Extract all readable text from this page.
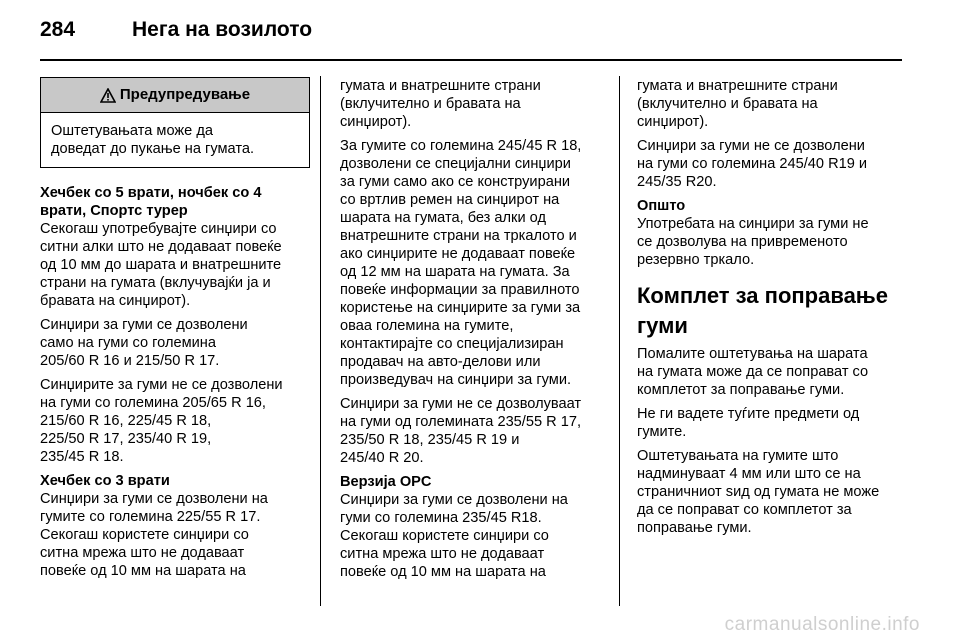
284	Нега на возилото
Предупредување
Оштетувањата може да
доведат до пукање на гумата.
Хечбек со 5 врати, ночбек со 4
врати, Спортс турер

Секогаш употребувајте синџири со
ситни алки што не додаваат повеќе
од 10 мм до шарата и внатрешните
страни на гумата (вклучувајќи ја и
бравата на синџирот).

Синџири за гуми се дозволени
само на гуми со големина
205/60 R 16 и 215/50 R 17.

Синџирите за гуми не се дозволени
на гуми со големина 205/65 R 16,
215/60 R 16, 225/45 R 18,
225/50 R 17, 235/40 R 19,
235/45 R 18.

Хечбек со 3 врати

Синџири за гуми се дозволени на
гумите со големина 225/55 R 17.
Секогаш користете синџири со
ситна мрежа што не додаваат
повеќе од 10 мм на шарата на

гумата и внатрешните страни
(вклучително и бравата на
синџирот).

За гумите со големина 245/45 R 18,
дозволени се специјални синџири
за гуми само ако се конструирани
со вртлив ремен на синџирот на
шарата на гумата, без алки од
внатрешните страни на тркалото и
ако синџирите не додаваат повеќе
од 12 мм на шарата на гумата. За
повеќе информации за правилното
користење на синџирите за гуми за
оваа големина на гумите,
контактирајте со специјализиран
продавач на авто-делови или
произведувач на синџири за гуми.

Синџири за гуми не се дозволуваат
на гуми од големината 235/55 R 17,
235/50 R 18, 235/45 R 19 и
245/40 R 20.

Верзија OPC

Синџири за гуми се дозволени на
гуми со големина 235/45 R18.
Секогаш користете синџири со
ситна мрежа што не додаваат
повеќе од 10 мм на шарата на

гумата и внатрешните страни
(вклучително и бравата на
синџирот).

Синџири за гуми не се дозволени
на гуми со големина 245/40 R19 и
245/35 R20.

Општо

Употребата на синџири за гуми не
се дозволува на привременото
резервно тркало.

Комплет за поправање
гуми

Помалите оштетувања на шарата
на гумата може да се поправат со
комплетот за поправање гуми.

Не ги вадете туѓите предмети од
гумите.

Оштетувањата на гумите што
надминуваат 4 мм или што се на
страничниот sид од гумата не може
да се поправат со комплетот за
поправање гуми.

carmanualsonline.info
